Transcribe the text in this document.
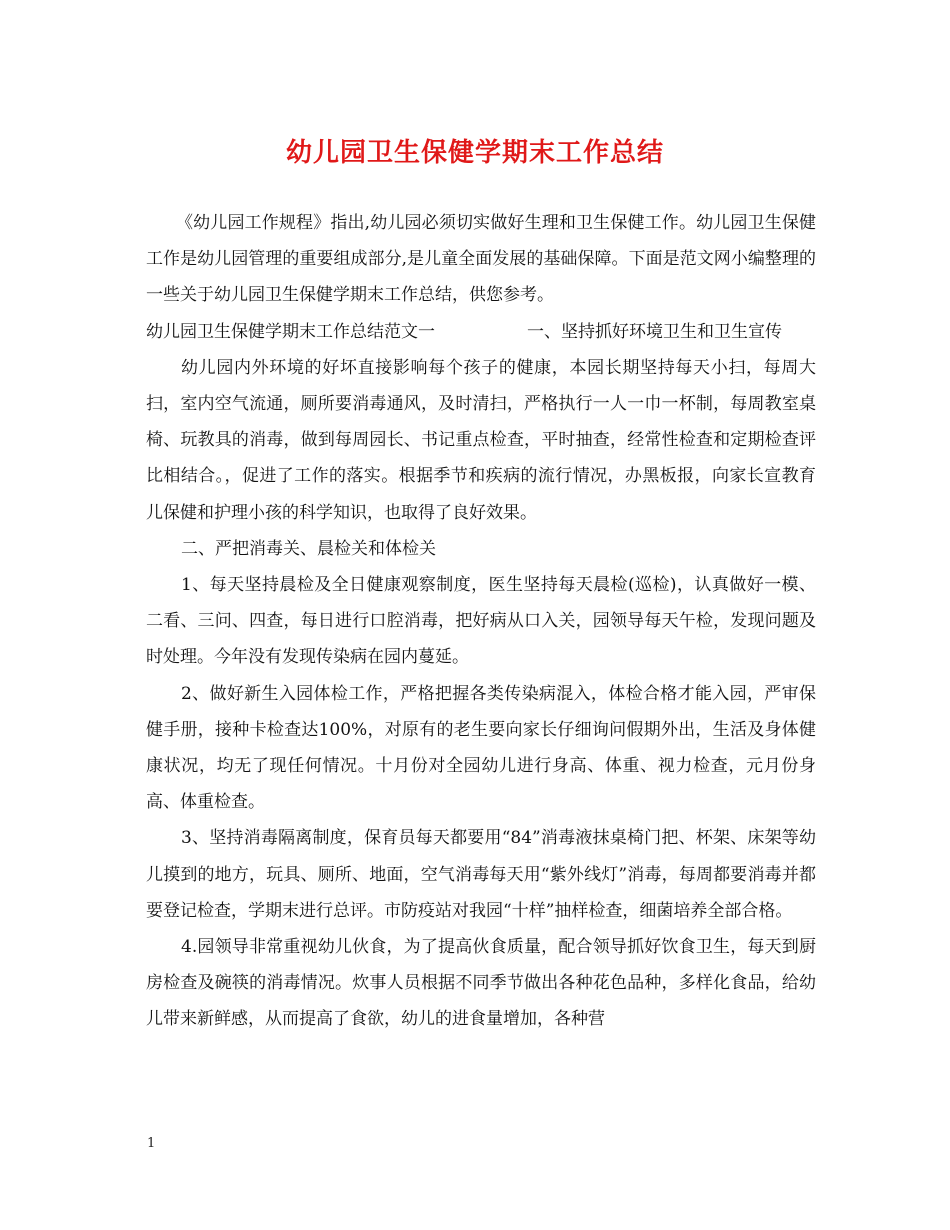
幼儿园卫生保健学期末工作总结

《幼儿园工作规程》指出,幼儿园必须切实做好生理和卫生保健工作。幼儿园卫生保健工作是幼儿园管理的重要组成部分,是儿童全面发展的基础保障。下面是范文网小编整理的一些关于幼儿园卫生保健学期末工作总结，供您参考。

幼儿园卫生保健学期末工作总结范文一	一、坚持抓好环境卫生和卫生宣传

幼儿园内外环境的好坏直接影响每个孩子的健康，本园长期坚持每天小扫，每周大扫，室内空气流通，厕所要消毒通风，及时清扫，严格执行一人一巾一杯制，每周教室桌椅、玩教具的消毒，做到每周园长、书记重点检查，平时抽查，经常性检查和定期检查评比相结合。，促进了工作的落实。根据季节和疾病的流行情况，办黑板报，向家长宣教育儿保健和护理小孩的科学知识，也取得了良好效果。

二、严把消毒关、晨检关和体检关

1、每天坚持晨检及全日健康观察制度，医生坚持每天晨检(巡检)，认真做好一模、二看、三问、四查，每日进行口腔消毒，把好病从口入关，园领导每天午检，发现问题及时处理。今年没有发现传染病在园内蔓延。

2、做好新生入园体检工作，严格把握各类传染病混入，体检合格才能入园，严审保健手册，接种卡检查达100%，对原有的老生要向家长仔细询问假期外出，生活及身体健康状况，均无了现任何情况。十月份对全园幼儿进行身高、体重、视力检查，元月份身高、体重检查。

3、坚持消毒隔离制度，保育员每天都要用“84”消毒液抹桌椅门把、杯架、床架等幼儿摸到的地方，玩具、厕所、地面，空气消毒每天用“紫外线灯”消毒，每周都要消毒并都要登记检查，学期末进行总评。市防疫站对我园“十样”抽样检查，细菌培养全部合格。

4.园领导非常重视幼儿伙食，为了提高伙食质量，配合领导抓好饮食卫生，每天到厨房检查及碗筷的消毒情况。炊事人员根据不同季节做出各种花色品种，多样化食品，给幼儿带来新鲜感，从而提高了食欲，幼儿的进食量增加，各种营

1
